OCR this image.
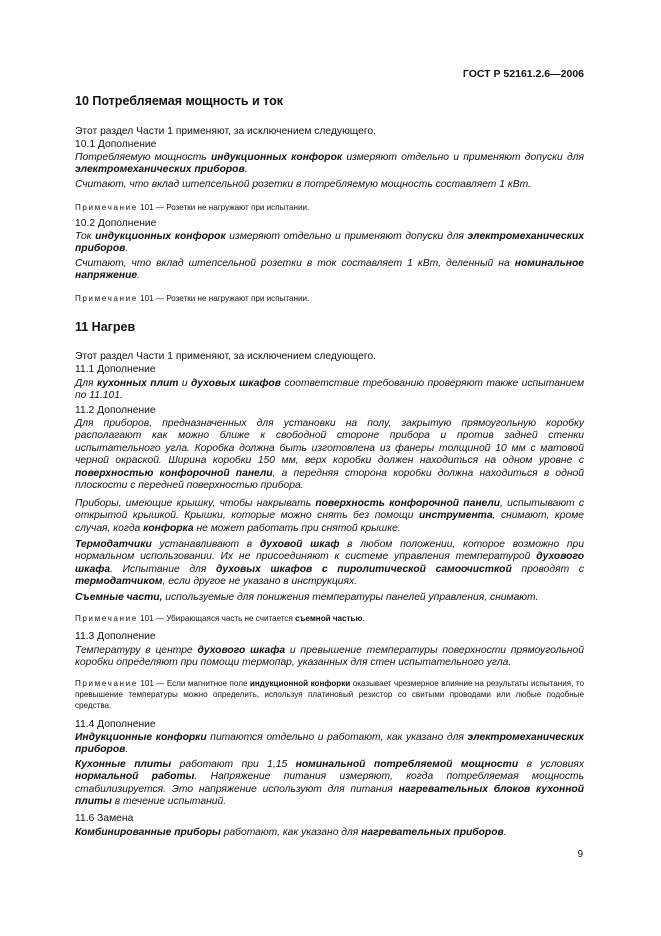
ГОСТ Р 52161.2.6—2006
10 Потребляемая мощность и ток

Этот раздел Части 1 применяют, за исключением следующего.

10.1 Дополнение

Потребляемую мощность индукционных конфорок измеряют отдельно и применяют допуски для электромеханических приборов.

Считают, что вклад штепсельной розетки в потребляемую мощность составляет 1 кВт.

Примечание 101 — Розетки не нагружают при испытании.

10.2 Дополнение

Ток индукционных конфорок измеряют отдельно и применяют допуски для электромеханических приборов.

Считают, что вклад штепсельной розетки в ток составляет 1 кВт, деленный на номинальное напряжение.

Примечание 101 — Розетки не нагружают при испытании.

11 Нагрев

Этот раздел Части 1 применяют, за исключением следующего.

11.1 Дополнение

Для кухонных плит и духовых шкафов соответствие требованию проверяют также испытанием по 11.101.

11.2 Дополнение

Для приборов, предназначенных для установки на полу, закрытую прямоугольную коробку располагают как можно ближе к свободной стороне прибора и против задней стенки испытательного угла. Коробка должна быть изготовлена из фанеры толщиной 10 мм с матовой черной окраской. Ширина коробки 150 мм, верх коробки должен находиться на одном уровне с поверхностью конфорочной панели, а передняя сторона коробки должна находиться в одной плоскости с передней поверхностью прибора.

Приборы, имеющие крышку, чтобы накрывать поверхность конфорочной панели, испытывают с открытой крышкой. Крышки, которые можно снять без помощи инструмента, снимают, кроме случая, когда конфорка не может работать при снятой крышке.

Термодатчики устанавливают в духовой шкаф в любом положении, которое возможно при нормальном использовании. Их не присоединяют к системе управления температурой духового шкафа. Испытание для духовых шкафов с пиролитической самоочисткой проводят с термодатчиком, если другое не указано в инструкциях.

Съемные части, используемые для понижения температуры панелей управления, снимают.

Примечание 101 — Убирающаяся часть не считается съемной частью.

11.3 Дополнение

Температуру в центре духового шкафа и превышение температуры поверхности прямоугольной коробки определяют при помощи термопар, указанных для стен испытательного угла.

Примечание 101 — Если магнитное поле индукционной конфорки оказывает чрезмерное влияние на результаты испытания, то превышение температуры можно определить, используя платиновый резистор со свитыми проводами или любые подобные средства.

11.4 Дополнение

Индукционные конфорки питаются отдельно и работают, как указано для электромеханических приборов.

Кухонные плиты работают при 1,15 номинальной потребляемой мощности в условиях нормальной работы. Напряжение питания измеряют, когда потребляемая мощность стабилизируется. Это напряжение используют для питания нагревательных блоков кухонной плиты в течение испытаний.

11.6 Замена

Комбинированные приборы работают, как указано для нагревательных приборов.

9
